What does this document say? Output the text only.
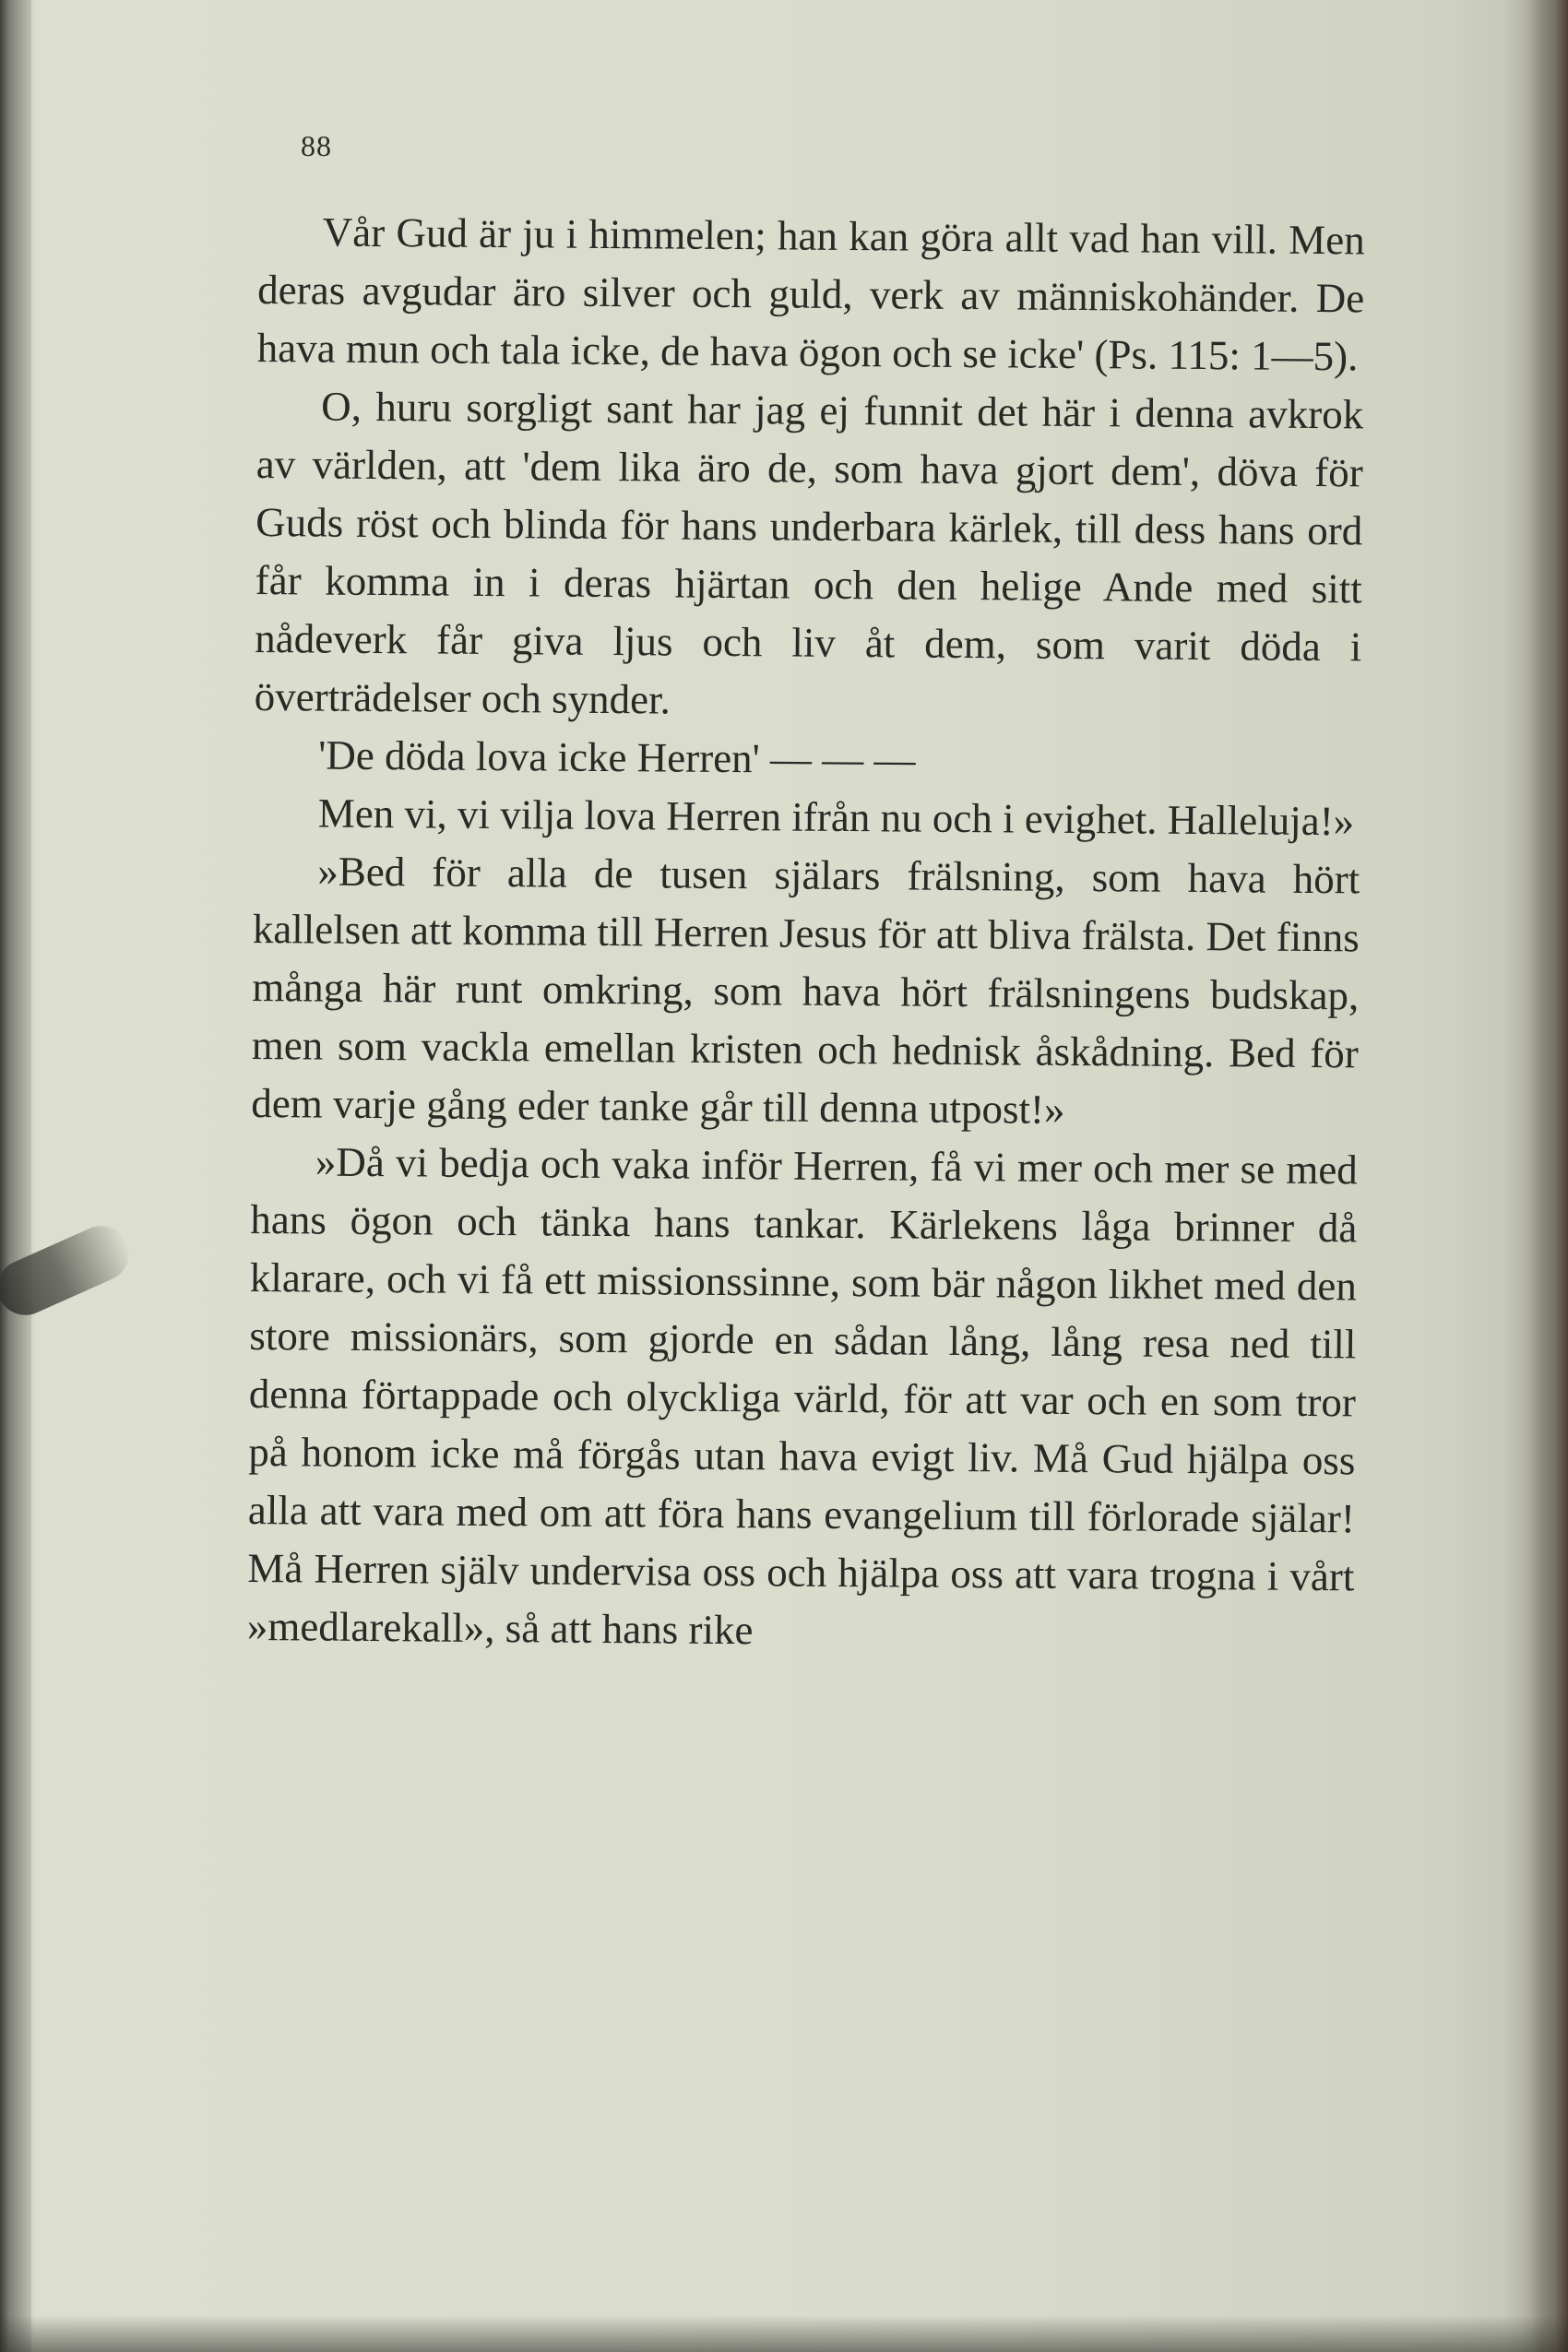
88

Vår Gud är ju i himmelen; han kan göra allt vad han vill. Men deras avgudar äro silver och guld, verk av människohänder. De hava mun och tala icke, de hava ögon och se icke' (Ps. 115: 1—5).

O, huru sorgligt sant har jag ej funnit det här i denna avkrok av världen, att 'dem lika äro de, som hava gjort dem', döva för Guds röst och blinda för hans underbara kärlek, till dess hans ord får komma in i deras hjärtan och den helige Ande med sitt nådeverk får giva ljus och liv åt dem, som varit döda i överträdelser och synder.

'De döda lova icke Herren' — — —

Men vi, vi vilja lova Herren ifrån nu och i evighet. Halleluja!»

»Bed för alla de tusen själars frälsning, som hava hört kallelsen att komma till Herren Jesus för att bliva frälsta. Det finns många här runt omkring, som hava hört frälsningens budskap, men som vackla emellan kristen och hednisk åskådning. Bed för dem varje gång eder tanke går till denna utpost!»

»Då vi bedja och vaka inför Herren, få vi mer och mer se med hans ögon och tänka hans tankar. Kärlekens låga brinner då klarare, och vi få ett missionssinne, som bär någon likhet med den store missionärs, som gjorde en sådan lång, lång resa ned till denna förtappade och olyckliga värld, för att var och en som tror på honom icke må förgås utan hava evigt liv. Må Gud hjälpa oss alla att vara med om att föra hans evangelium till förlorade själar! Må Herren själv undervisa oss och hjälpa oss att vara trogna i vårt »medlarekall», så att hans rike
